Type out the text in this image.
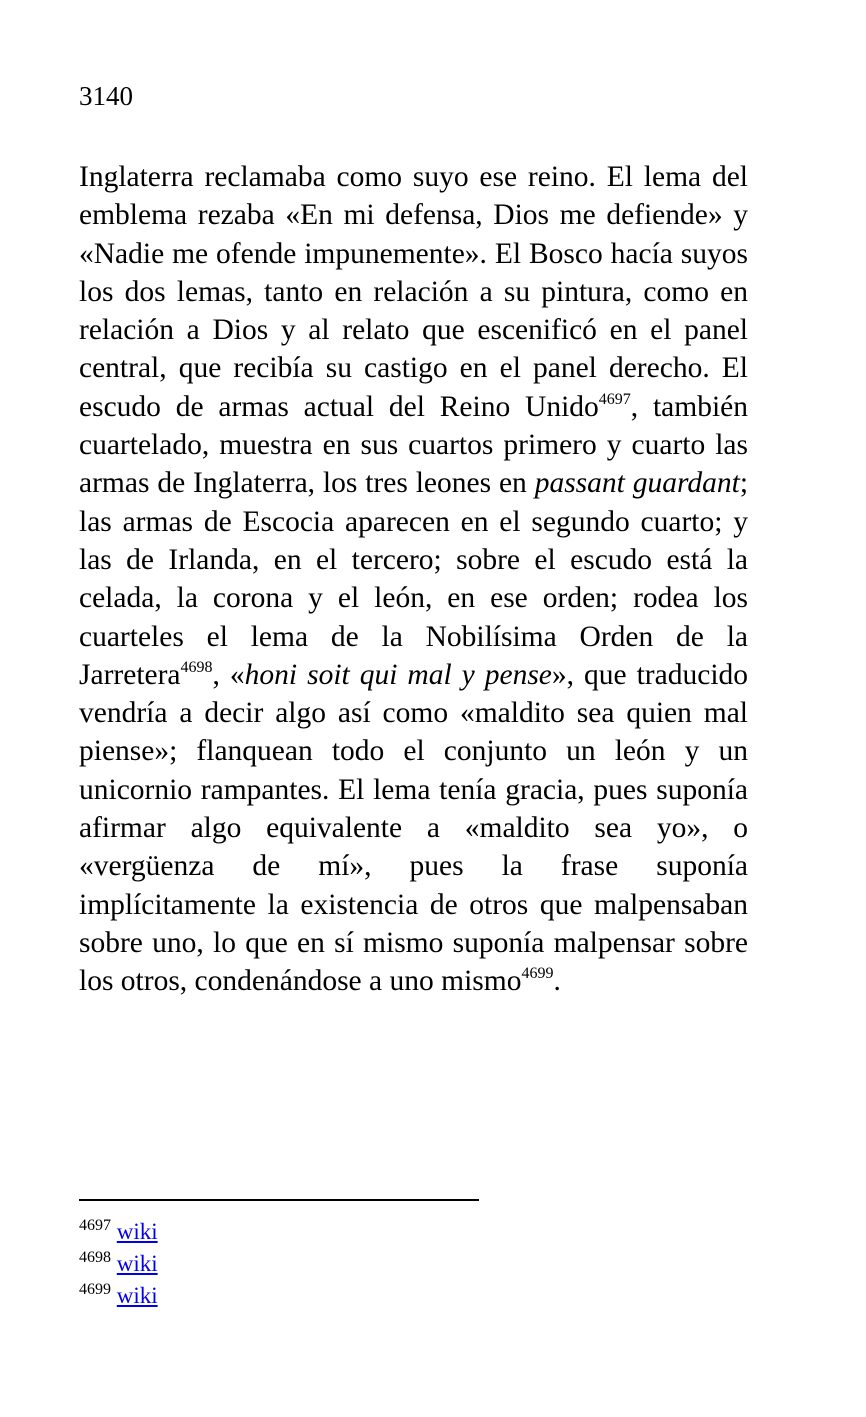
3140

Inglaterra reclamaba como suyo ese reino. El lema del emblema rezaba «En mi defensa, Dios me defiende» y «Nadie me ofende impunemente». El Bosco hacía suyos los dos lemas, tanto en relación a su pintura, como en relación a Dios y al relato que escenificó en el panel central, que recibía su castigo en el panel derecho. El escudo de armas actual del Reino Unido$^{4697}$, también cuartelado, muestra en sus cuartos primero y cuarto las armas de Inglaterra, los tres leones en passant guardant; las armas de Escocia aparecen en el segundo cuarto; y las de Irlanda, en el tercero; sobre el escudo está la celada, la corona y el león, en ese orden; rodea los cuarteles el lema de la Nobilísima Orden de la Jarretera$^{4698}$, «honi soit qui mal y pense», que traducido vendría a decir algo así como «maldito sea quien mal piense»; flanquean todo el conjunto un león y un unicornio rampantes. El lema tenía gracia, pues suponía afirmar algo equivalente a «maldito sea yo», o «vergüenza de mí», pues la frase suponía implícitamente la existencia de otros que malpensaban sobre uno, lo que en sí mismo suponía malpensar sobre los otros, condenándose a uno mismo$^{4699}$.

$^{4697}$ wiki
$^{4698}$ wiki
$^{4699}$ wiki
